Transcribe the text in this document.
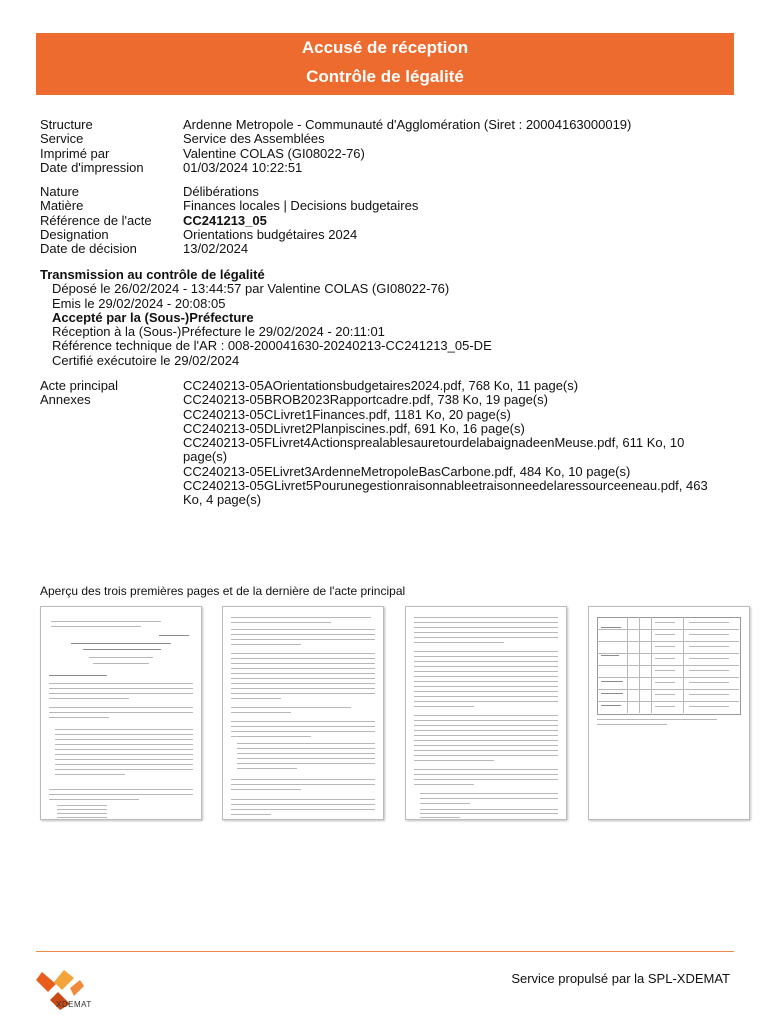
Accusé de réception
Contrôle de légalité
Structure	Ardenne Metropole - Communauté d'Agglomération (Siret : 20004163000019)
Service	Service des Assemblées
Imprimé par	Valentine COLAS (GI08022-76)
Date d'impression	01/03/2024 10:22:51
Nature	Délibérations
Matière	Finances locales | Decisions budgetaires
Référence de l'acte	CC241213_05
Designation	Orientations budgétaires 2024
Date de décision	13/02/2024
Transmission au contrôle de légalité
Déposé le 26/02/2024 - 13:44:57 par Valentine COLAS (GI08022-76)
Emis le 29/02/2024 - 20:08:05
Accepté par la (Sous-)Préfecture
Réception à la (Sous-)Préfecture le 29/02/2024 - 20:11:01
Référence technique de l'AR : 008-200041630-20240213-CC241213_05-DE
Certifié exécutoire le 29/02/2024
Acte principal	CC240213-05AOrientationsbudgetaires2024.pdf, 768 Ko, 11 page(s)
Annexes	CC240213-05BROB2023Rapportcadre.pdf, 738 Ko, 19 page(s)
CC240213-05CLivret1Finances.pdf, 1181 Ko, 20 page(s)
CC240213-05DLivret2Planpiscines.pdf, 691 Ko, 16 page(s)
CC240213-05FLivret4ActionsprealablesauretourdelabaignadeenMeuse.pdf, 611 Ko, 10 page(s)
CC240213-05ELivret3ArdenneMetropoleBasCarbone.pdf, 484 Ko, 10 page(s)
CC240213-05GLivret5Pourunegestionraisonnableetraisonneedelaressourceeneau.pdf, 463 Ko, 4 page(s)
Aperçu des trois premières pages et de la dernière de l'acte principal
XDEMAT
Service propulsé par la SPL-XDEMAT
